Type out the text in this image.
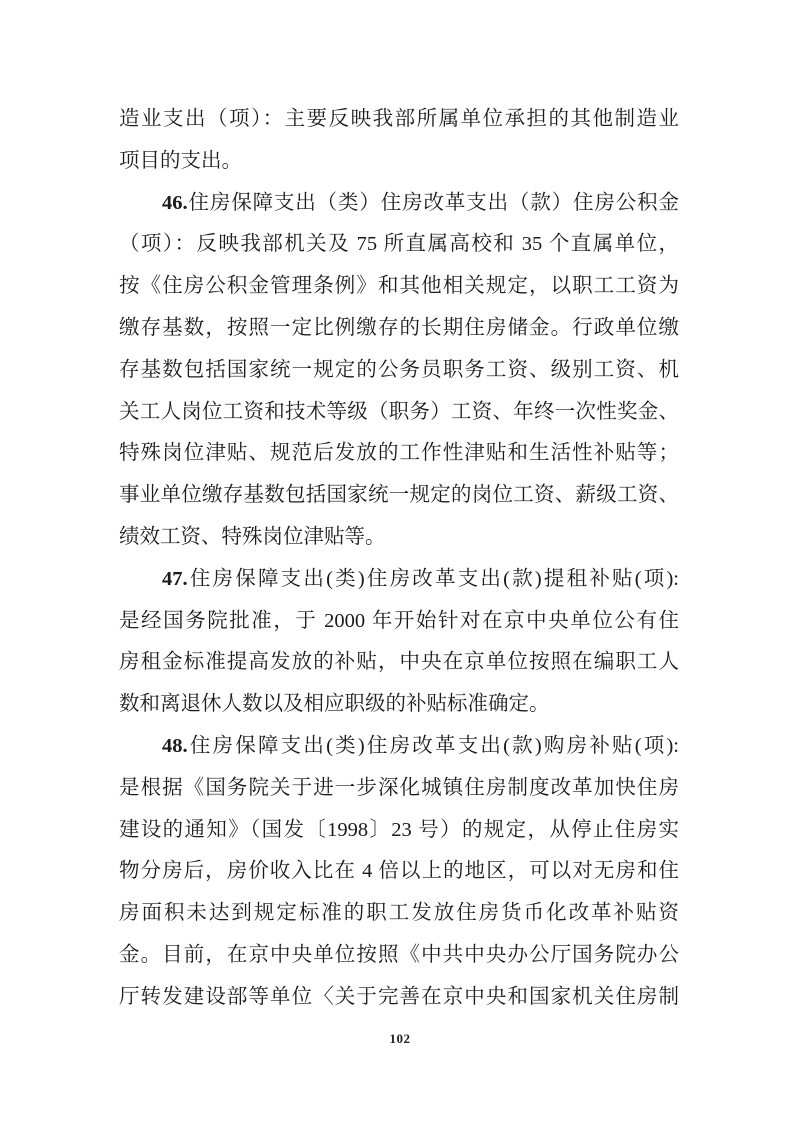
造业支出（项）：主要反映我部所属单位承担的其他制造业
项目的支出。
46.住房保障支出（类）住房改革支出（款）住房公积金
（项）：反映我部机关及 75 所直属高校和 35 个直属单位，
按《住房公积金管理条例》和其他相关规定，以职工工资为
缴存基数，按照一定比例缴存的长期住房储金。行政单位缴
存基数包括国家统一规定的公务员职务工资、级别工资、机
关工人岗位工资和技术等级（职务）工资、年终一次性奖金、
特殊岗位津贴、规范后发放的工作性津贴和生活性补贴等；
事业单位缴存基数包括国家统一规定的岗位工资、薪级工资、
绩效工资、特殊岗位津贴等。
47.住房保障支出(类)住房改革支出(款)提租补贴(项):
是经国务院批准，于 2000 年开始针对在京中央单位公有住
房租金标准提高发放的补贴，中央在京单位按照在编职工人
数和离退休人数以及相应职级的补贴标准确定。
48.住房保障支出(类)住房改革支出(款)购房补贴(项):
是根据《国务院关于进一步深化城镇住房制度改革加快住房
建设的通知》（国发〔1998〕23 号）的规定，从停止住房实
物分房后，房价收入比在 4 倍以上的地区，可以对无房和住
房面积未达到规定标准的职工发放住房货币化改革补贴资
金。目前，在京中央单位按照《中共中央办公厅国务院办公
厅转发建设部等单位〈关于完善在京中央和国家机关住房制
102
